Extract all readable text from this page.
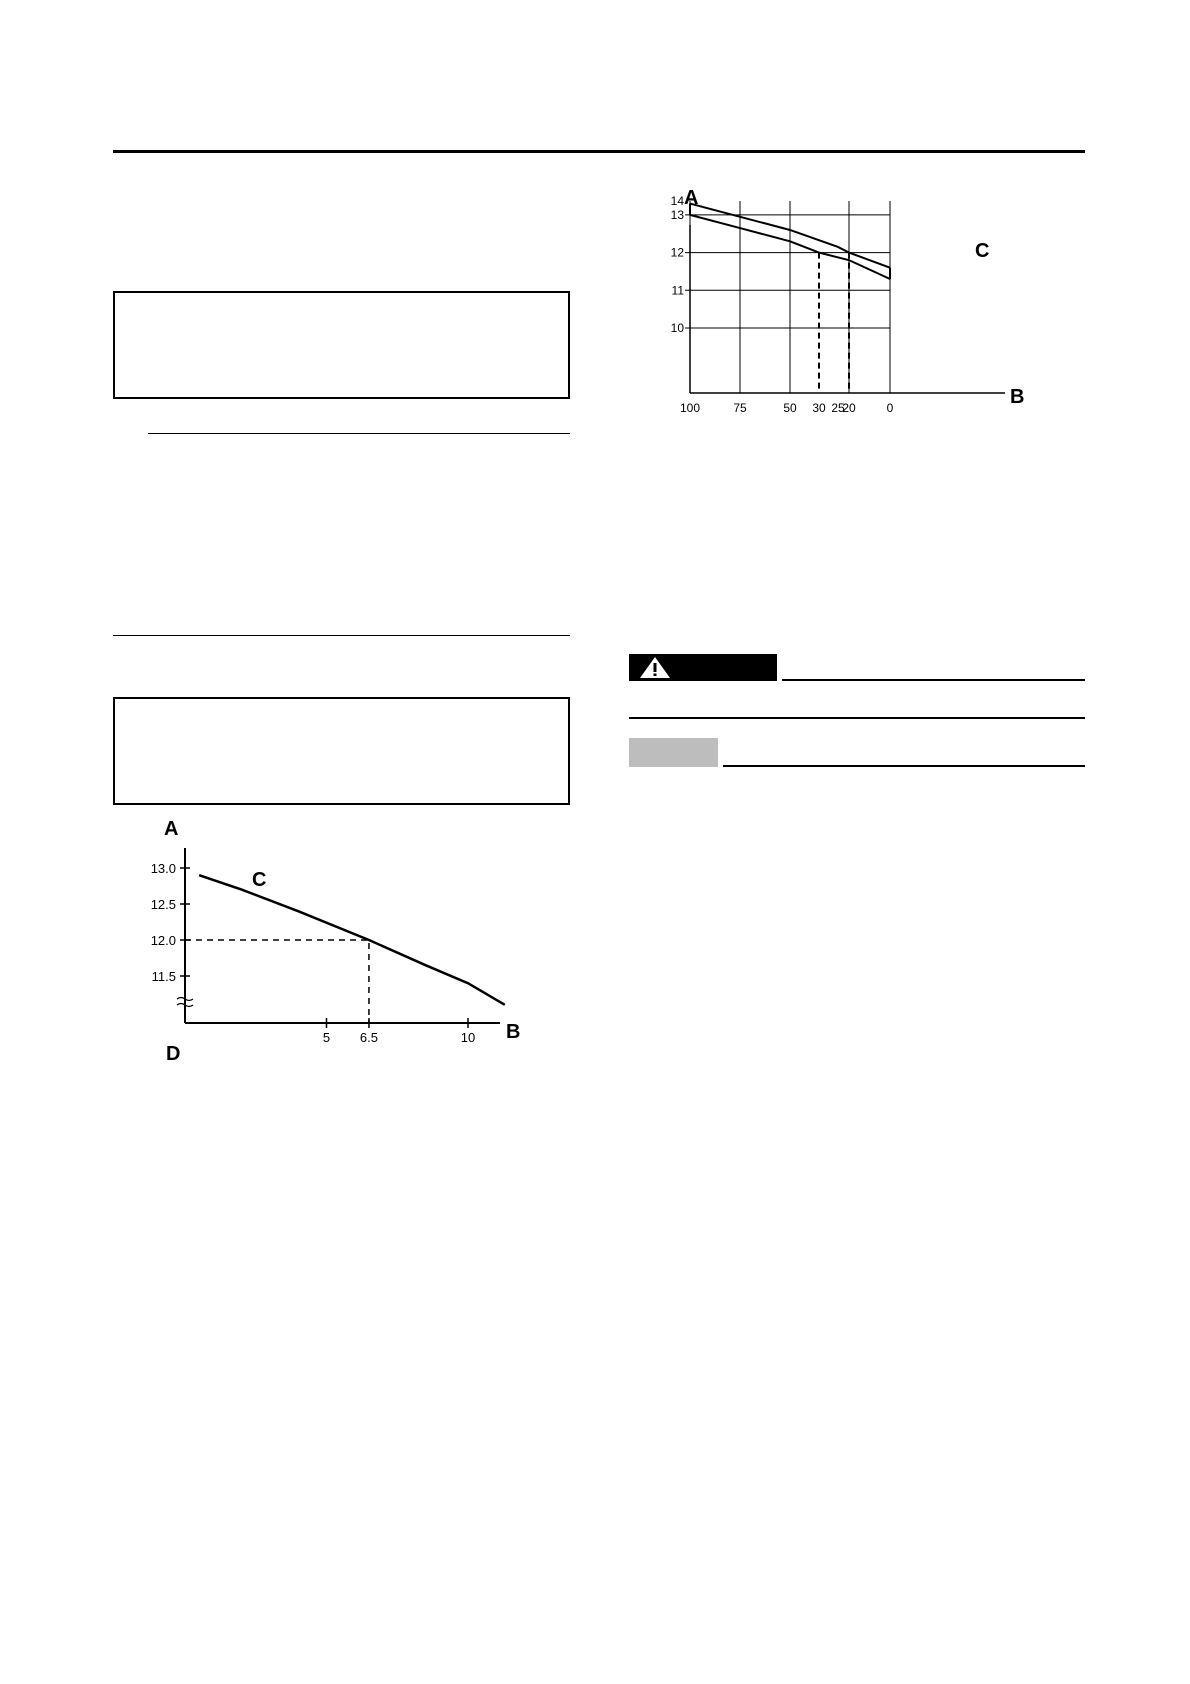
A
13.0
12.5
12.0
11.5
5 6.5	10
C
B
D
A
14
13
12
11
10
100	75	50 30 25
20	0
C
B
